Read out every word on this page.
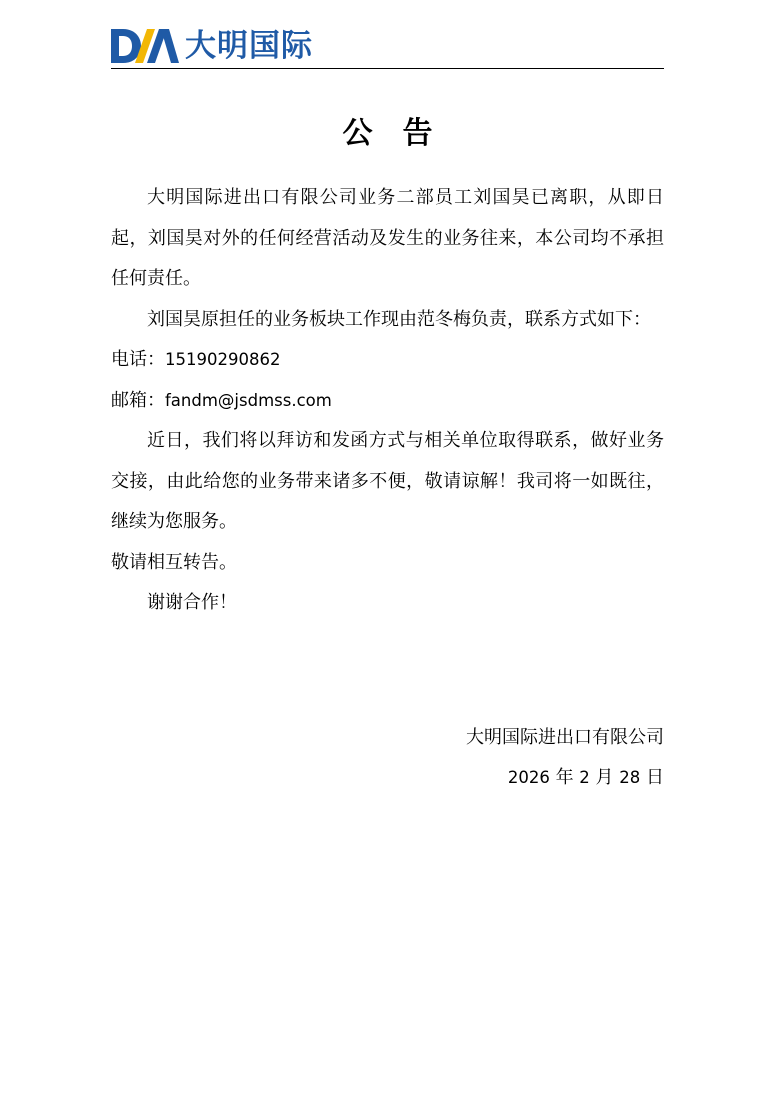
大明国际
公告

大明国际进出口有限公司业务二部员工刘国昊已离职，从即日起，刘国昊对外的任何经营活动及发生的业务往来，本公司均不承担任何责任。

刘国昊原担任的业务板块工作现由范冬梅负责，联系方式如下：

电话：15190290862

邮箱：fandm@jsdmss.com

近日，我们将以拜访和发函方式与相关单位取得联系，做好业务交接，由此给您的业务带来诸多不便，敬请谅解！我司将一如既往，继续为您服务。

敬请相互转告。

谢谢合作！

大明国际进出口有限公司
2026 年 2 月 28 日
